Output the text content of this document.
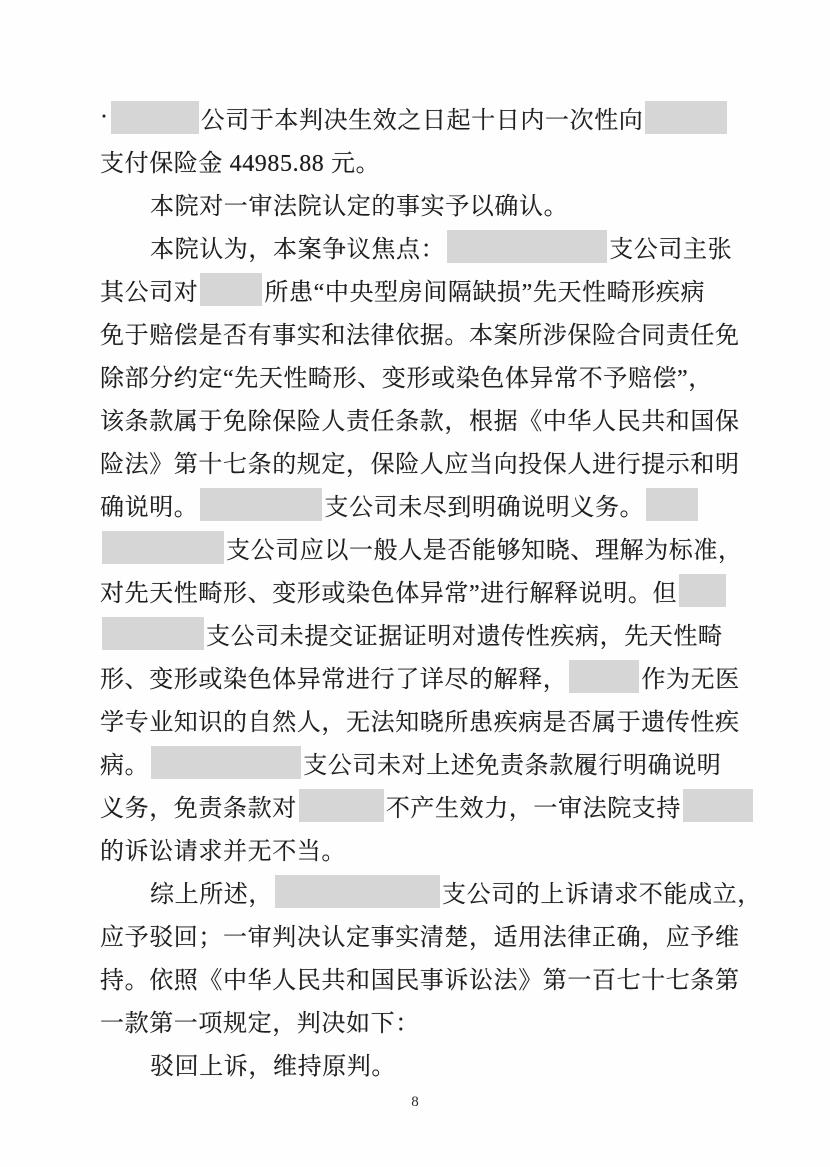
·	公司于本判决生效之日起十日内一次性向
支付保险金 44985.88 元。
本院对一审法院认定的事实予以确认。
本院认为，本案争议焦点：	支公司主张
其公司对	所患“中央型房间隔缺损”先天性畸形疾病
免于赔偿是否有事实和法律依据。本案所涉保险合同责任免
除部分约定“先天性畸形、变形或染色体异常不予赔偿”，
该条款属于免除保险人责任条款，根据《中华人民共和国保
险法》第十七条的规定，保险人应当向投保人进行提示和明
确说明。	支公司未尽到明确说明义务。
支公司应以一般人是否能够知晓、理解为标准，
对先天性畸形、变形或染色体异常”进行解释说明。但
支公司未提交证据证明对遗传性疾病，先天性畸
形、变形或染色体异常进行了详尽的解释，	作为无医
学专业知识的自然人，无法知晓所患疾病是否属于遗传性疾
病。	支公司未对上述免责条款履行明确说明
义务，免责条款对	不产生效力，一审法院支持
的诉讼请求并无不当。
综上所述，	支公司的上诉请求不能成立，
应予驳回；一审判决认定事实清楚，适用法律正确，应予维
持。依照《中华人民共和国民事诉讼法》第一百七十七条第
一款第一项规定，判决如下：
驳回上诉，维持原判。
8
